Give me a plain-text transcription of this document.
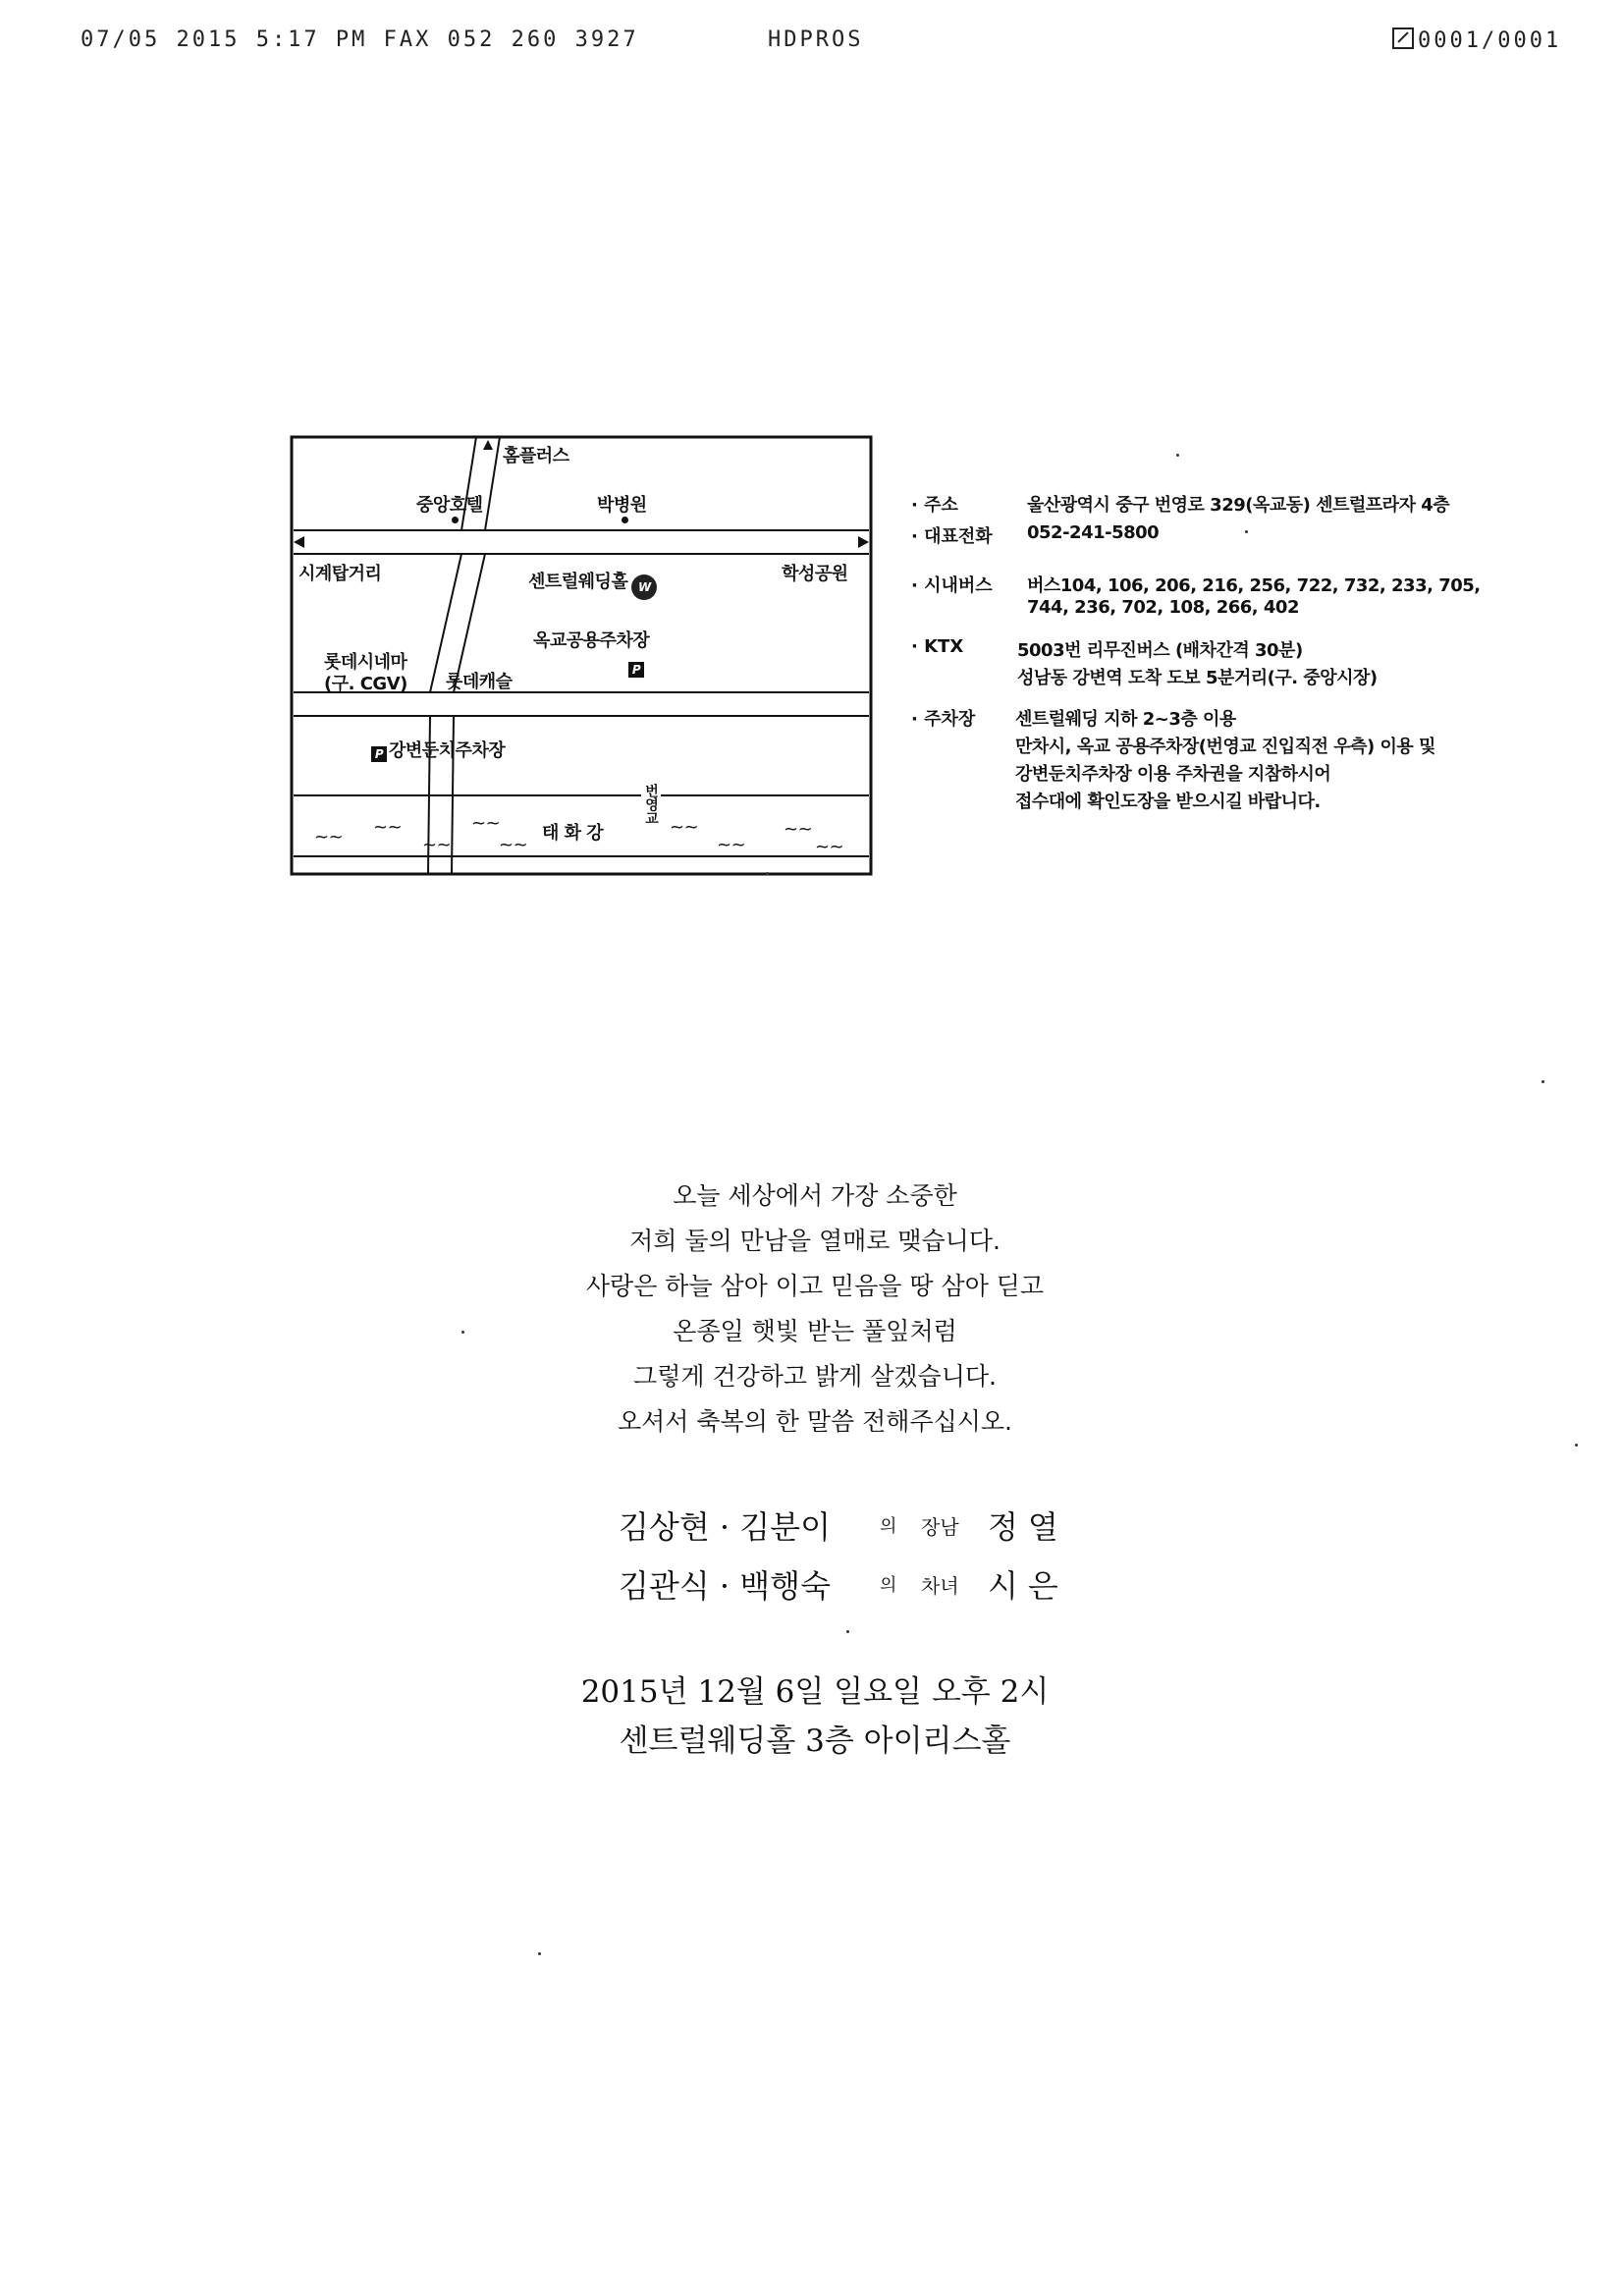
07/05 2015 5:17 PM FAX 052 260 3927	HDPROS	0001/0001
홈플러스
중앙호텔	박병원
시계탑거리	센트럴웨딩홀 W
학성공원
옥교공용주차장
P
롯데시네마
(구. CGV) 롯데캐슬
P 강변둔치주차장
태 화 강
~~ ~~
~~
~~
~~
~~
~~
~~
~~
번영교
· 주소	울산광역시 중구 번영로 329(옥교동) 센트럴프라자 4층
· 대표전화 052-241-5800
· 시내버스 버스104, 106, 206, 216, 256, 722, 732, 233, 705,
744, 236, 702, 108, 266, 402
· KTX	5003번 리무진버스 (배차간격 30분)
성남동 강변역 도착 도보 5분거리(구. 중앙시장)
· 주차장 센트럴웨딩 지하 2~3층 이용
만차시, 옥교 공용주차장(번영교 진입직전 우측) 이용 및
강변둔치주차장 이용 주차권을 지참하시어
접수대에 확인도장을 받으시길 바랍니다.
오늘 세상에서 가장 소중한
저희 둘의 만남을 열매로 맺습니다.
사랑은 하늘 삼아 이고 믿음을 땅 삼아 딛고
온종일 햇빛 받는 풀잎처럼
그렇게 건강하고 밝게 살겠습니다.
오셔서 축복의 한 말씀 전해주십시오.
김상현 · 김분이	의 장남 정열
김관식 · 백행숙	의 차녀 시은
2015년 12월 6일 일요일 오후 2시
센트럴웨딩홀 3층 아이리스홀
